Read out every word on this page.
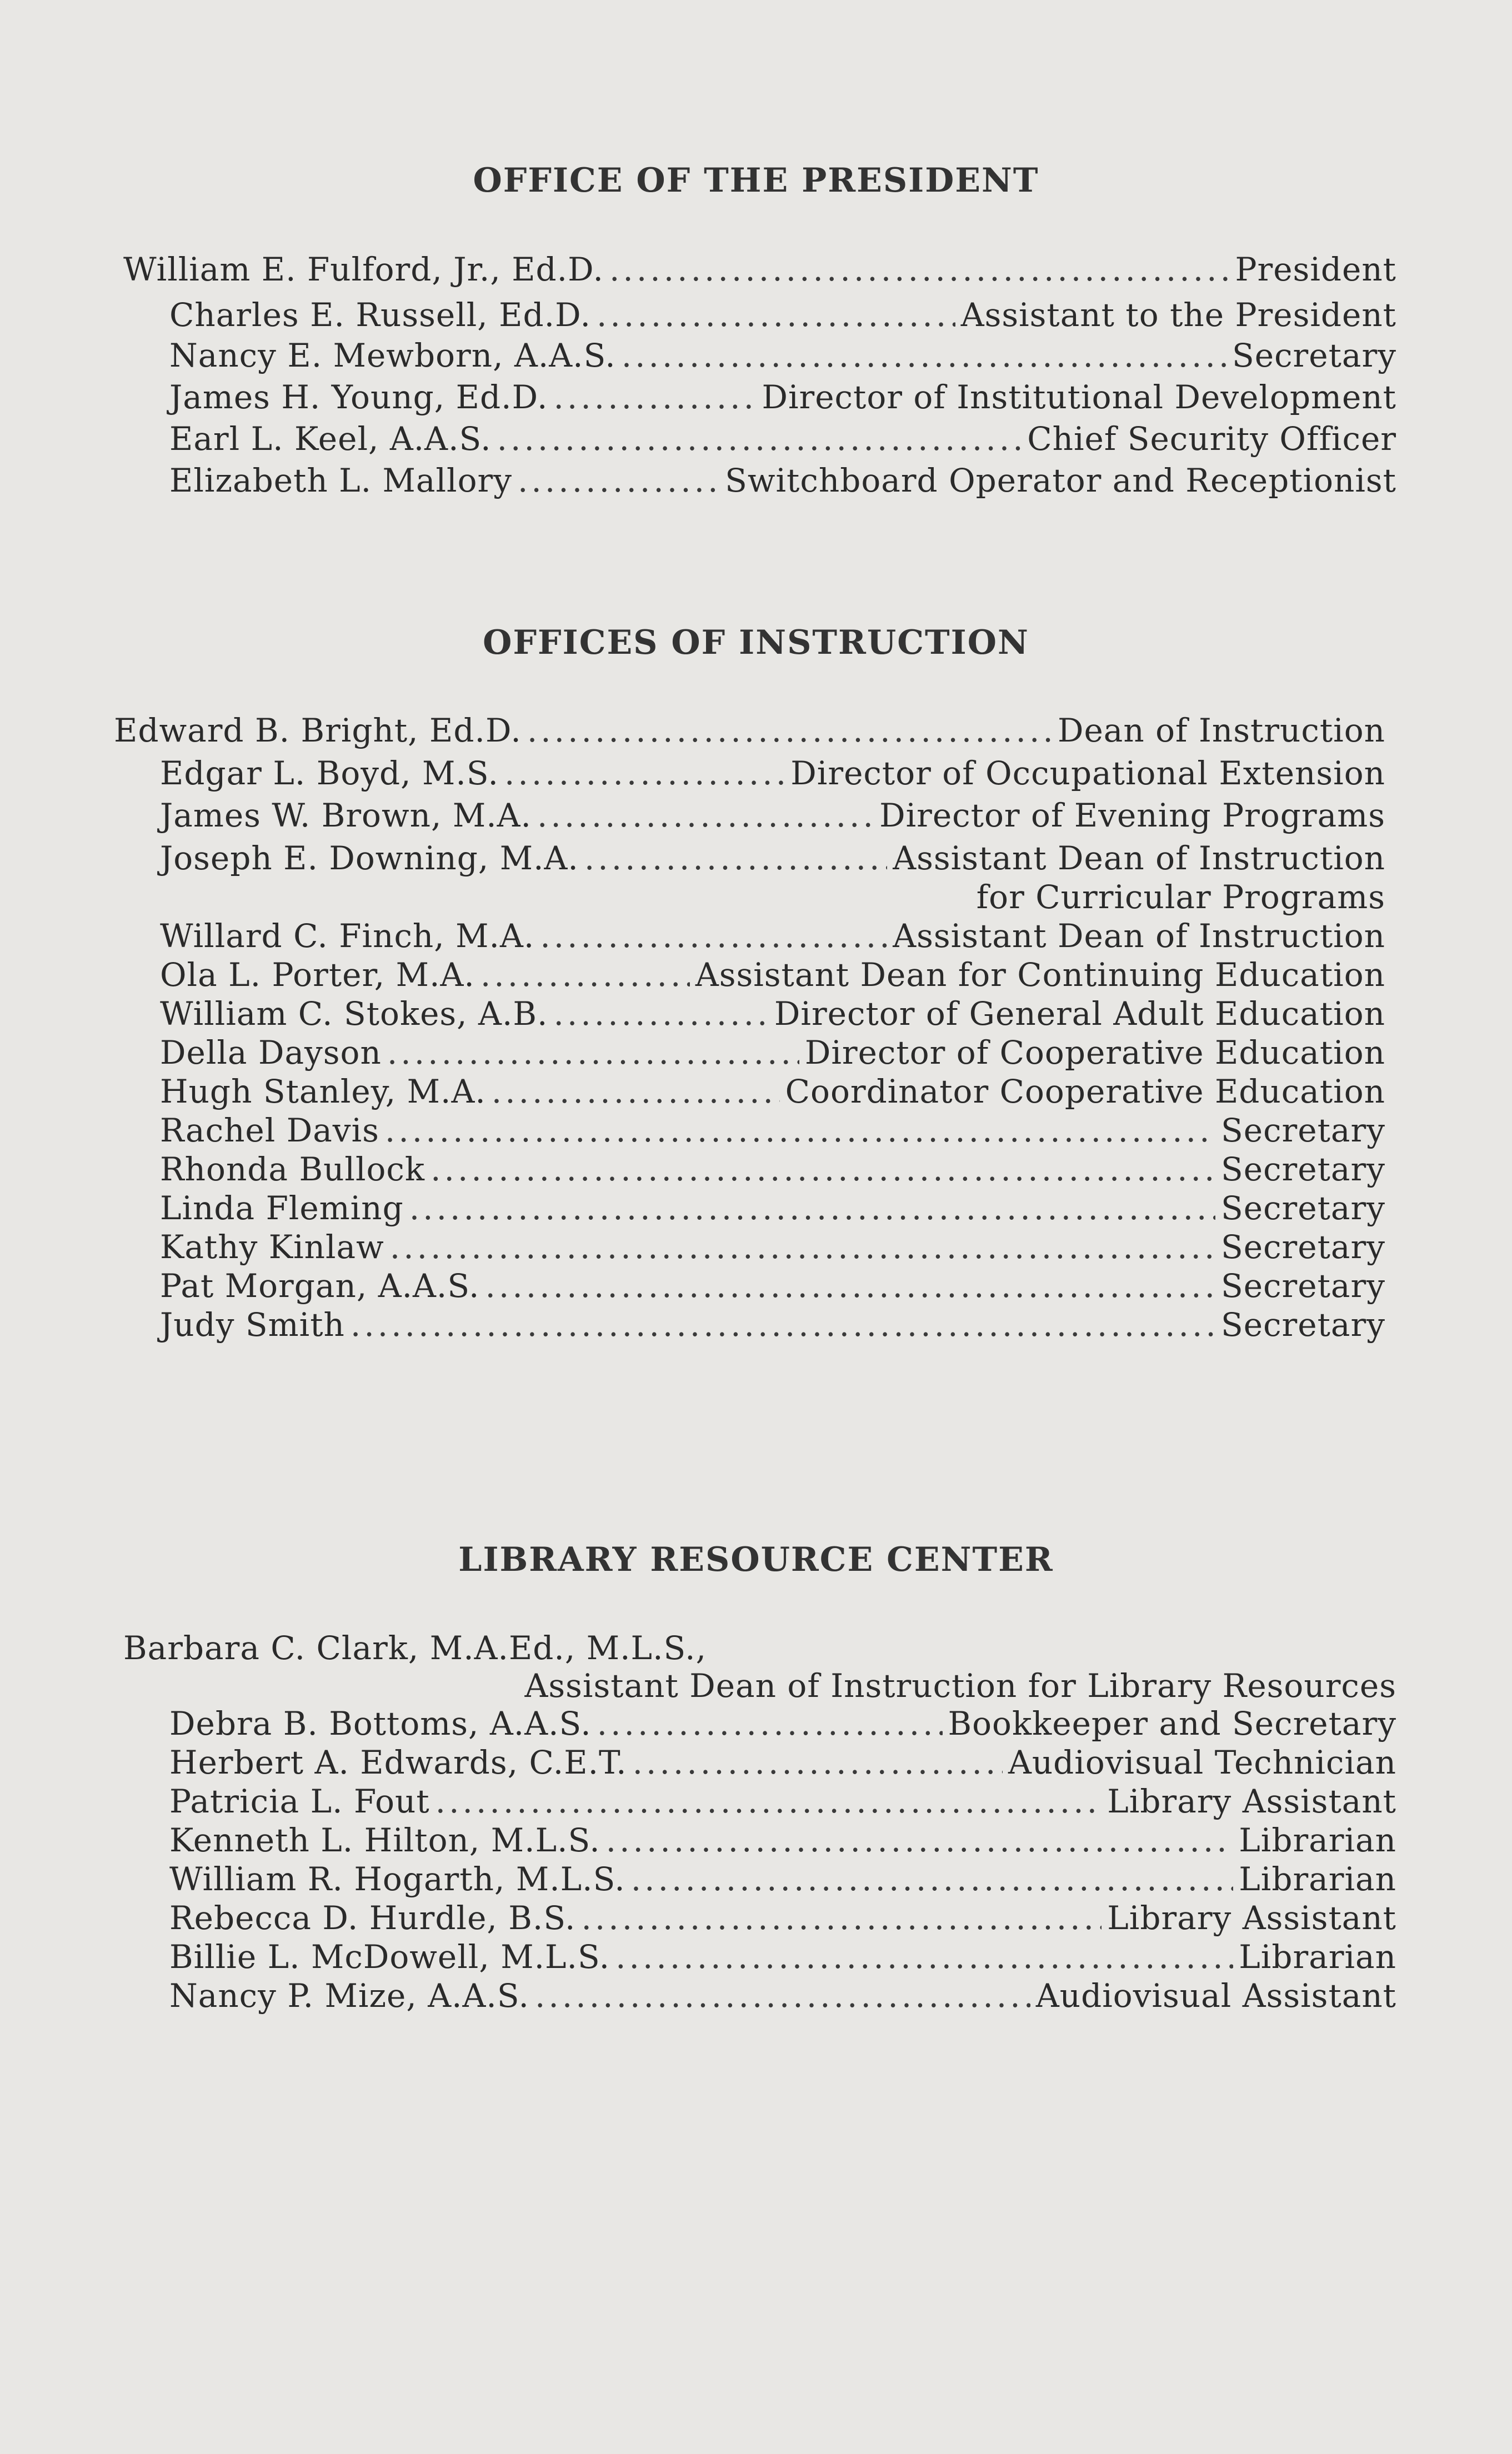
OFFICE OF THE PRESIDENT
William E. Fulford, Jr., Ed.D. .....	President
Charles E. Russell, Ed.D. .....	Assistant to the President
Nancy E. Mewborn, A.A.S. .....	Secretary
James H. Young, Ed.D. .....	Director of Institutional Development
Earl L. Keel, A.A.S. .....	Chief Security Officer
Elizabeth L. Mallory .....	Switchboard Operator and Receptionist
OFFICES OF INSTRUCTION
Edward B. Bright, Ed.D. .....	Dean of Instruction
Edgar L. Boyd, M.S. .....	Director of Occupational Extension
James W. Brown, M.A. .....	Director of Evening Programs
Joseph E. Downing, M.A. .....	Assistant Dean of Instruction
for Curricular Programs
Willard C. Finch, M.A. .....	Assistant Dean of Instruction
Ola L. Porter, M.A. .....	Assistant Dean for Continuing Education
William C. Stokes, A.B. .....	Director of General Adult Education
Della Dayson .....	Director of Cooperative Education
Hugh Stanley, M.A. .....	Coordinator Cooperative Education
Rachel Davis .....	Secretary
Rhonda Bullock .....	Secretary
Linda Fleming .....	Secretary
Kathy Kinlaw .....	Secretary
Pat Morgan, A.A.S. .....	Secretary
Judy Smith .....	Secretary
LIBRARY RESOURCE CENTER
Barbara C. Clark, M.A.Ed., M.L.S.,
Assistant Dean of Instruction for Library Resources
Debra B. Bottoms, A.A.S. .....	Bookkeeper and Secretary
Herbert A. Edwards, C.E.T. .....	Audiovisual Technician
Patricia L. Fout .....	Library Assistant
Kenneth L. Hilton, M.L.S. .....	Librarian
William R. Hogarth, M.L.S. .....	Librarian
Rebecca D. Hurdle, B.S. .....	Library Assistant
Billie L. McDowell, M.L.S. .....	Librarian
Nancy P. Mize, A.A.S. .....	Audiovisual Assistant
